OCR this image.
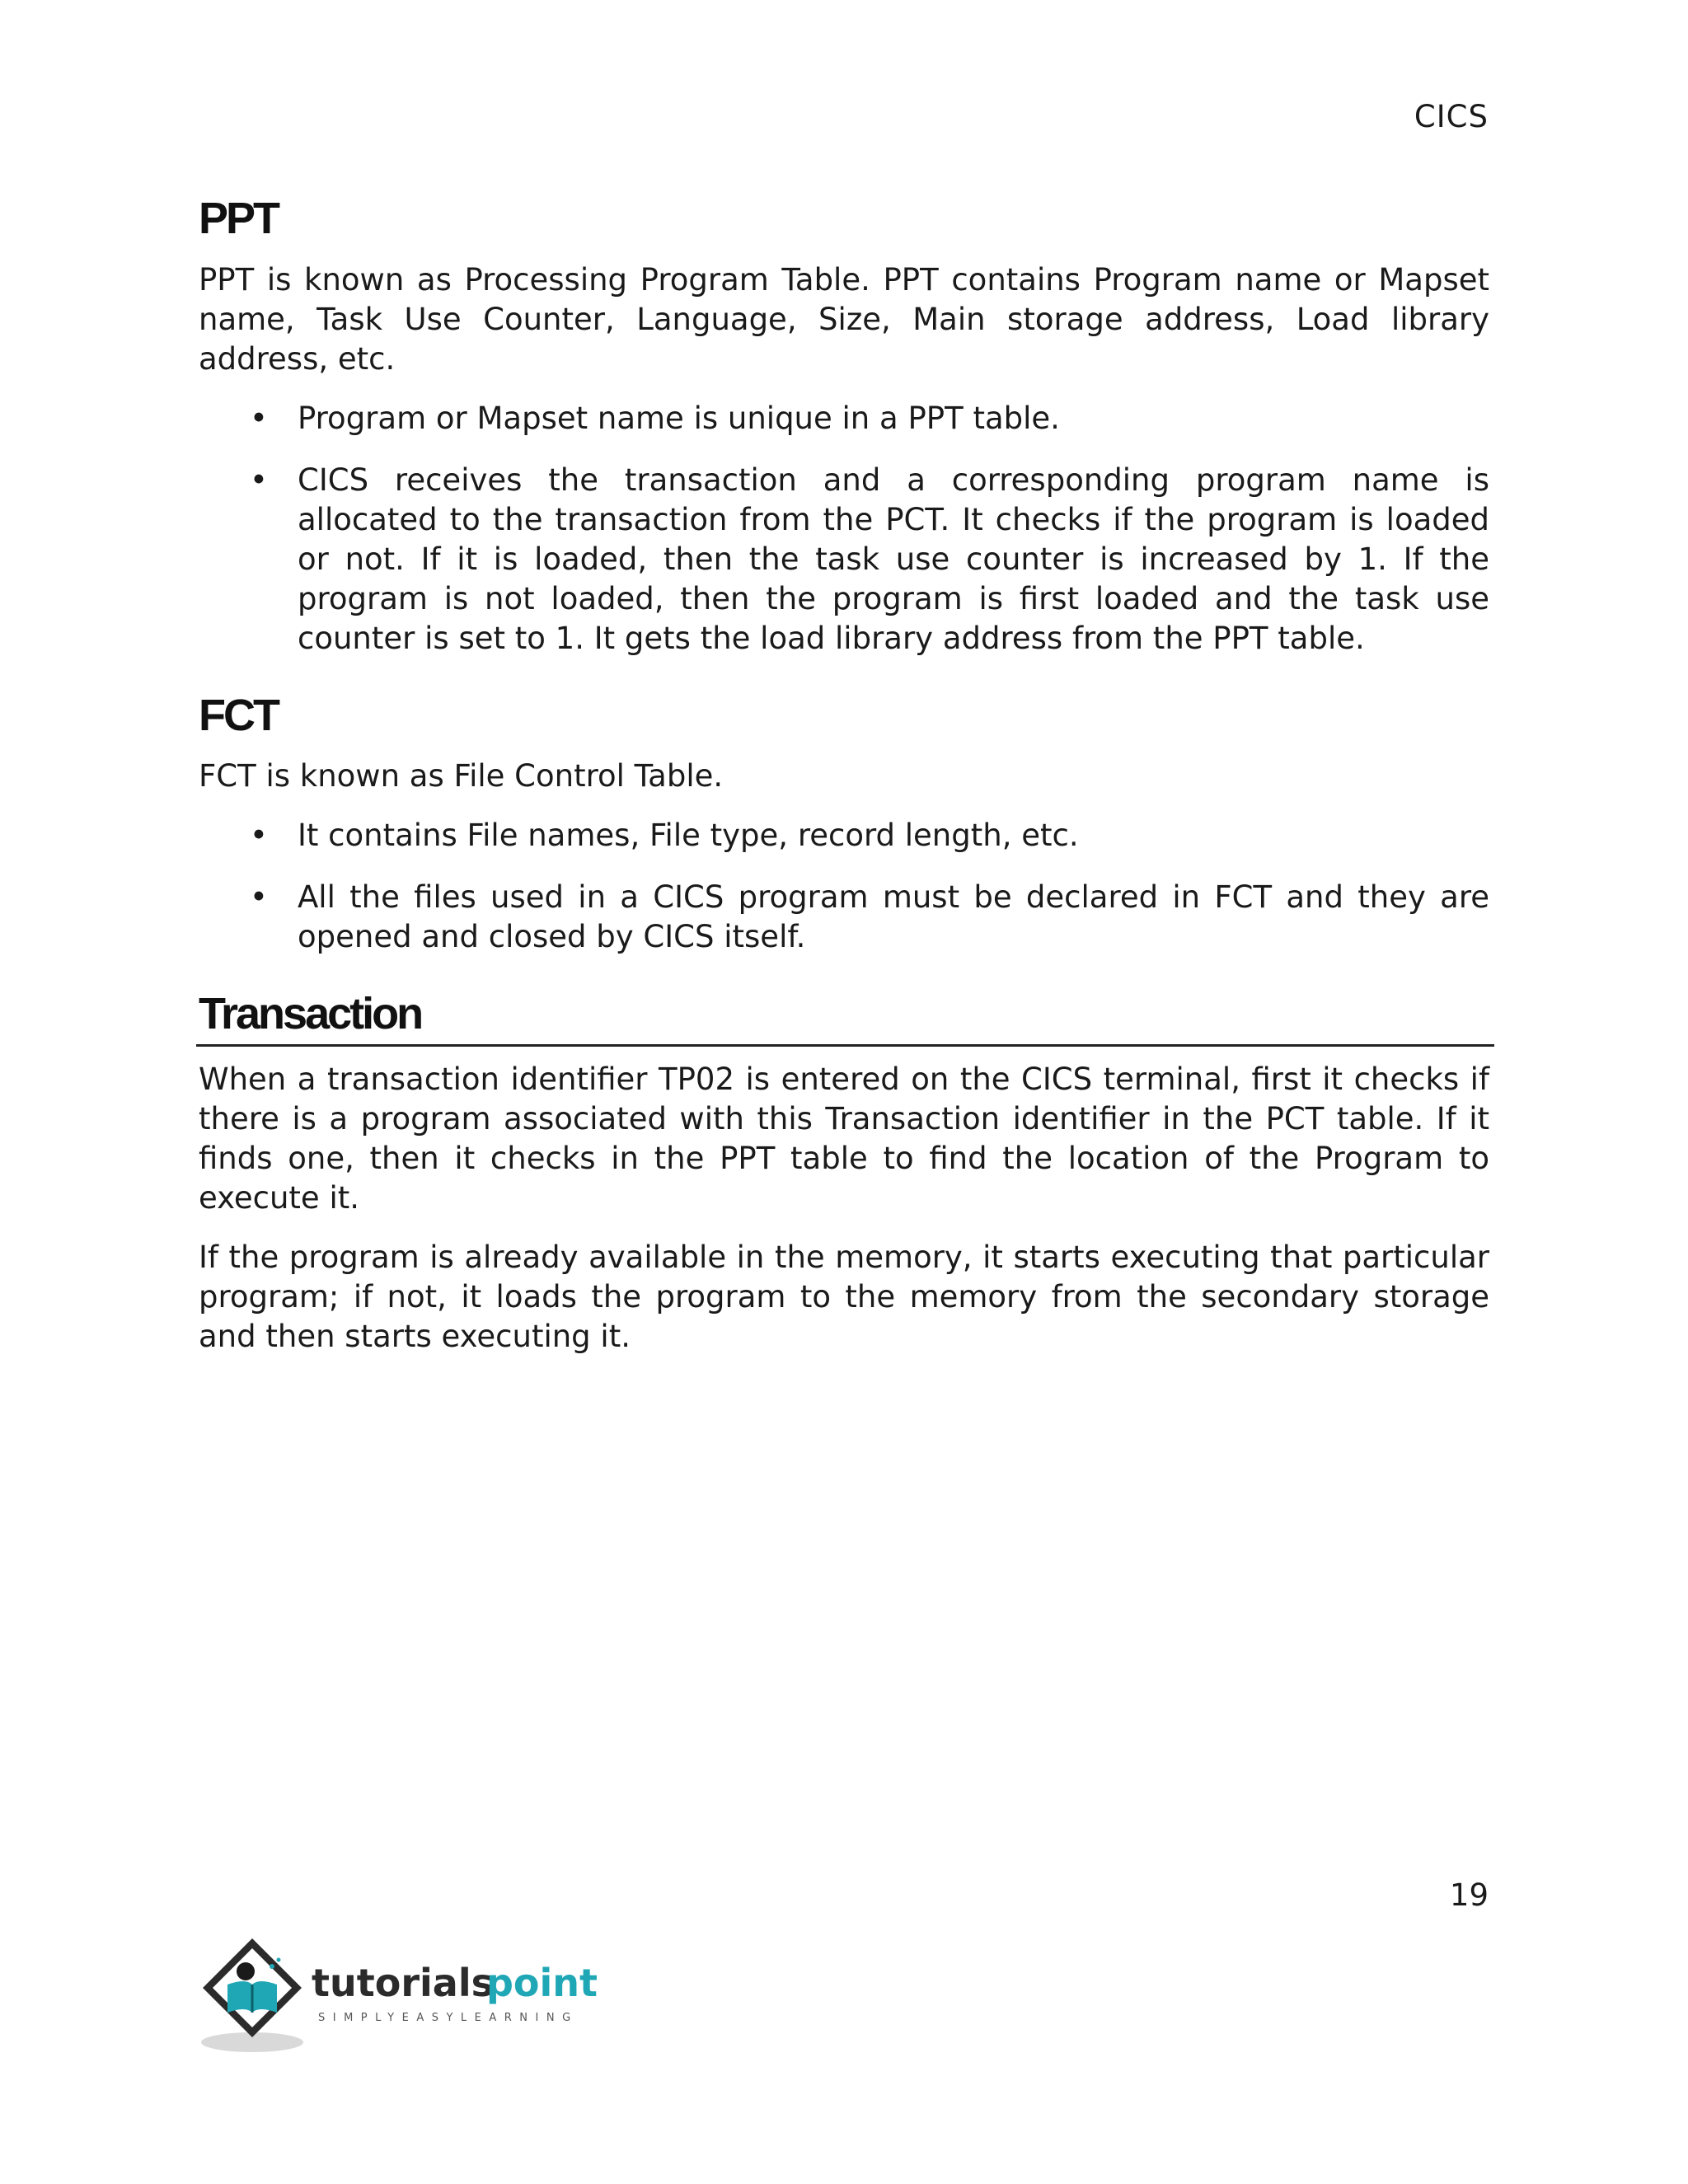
CICS
PPT

PPT is known as Processing Program Table. PPT contains Program name or Mapset name, Task Use Counter, Language, Size, Main storage address, Load library address, etc.

• Program or Mapset name is unique in a PPT table.
• CICS receives the transaction and a corresponding program name is allocated to the transaction from the PCT. It checks if the program is loaded or not. If it is loaded, then the task use counter is increased by 1. If the program is not loaded, then the program is first loaded and the task use counter is set to 1. It gets the load library address from the PPT table.
FCT

FCT is known as File Control Table.

• It contains File names, File type, record length, etc.
• All the files used in a CICS program must be declared in FCT and they are opened and closed by CICS itself.
Transaction

When a transaction identifier TP02 is entered on the CICS terminal, first it checks if there is a program associated with this Transaction identifier in the PCT table. If it finds one, then it checks in the PPT table to find the location of the Program to execute it.

If the program is already available in the memory, it starts executing that particular program; if not, it loads the program to the memory from the secondary storage and then starts executing it.

19
tutorials
point
SIMPLYEASYLEARNING
